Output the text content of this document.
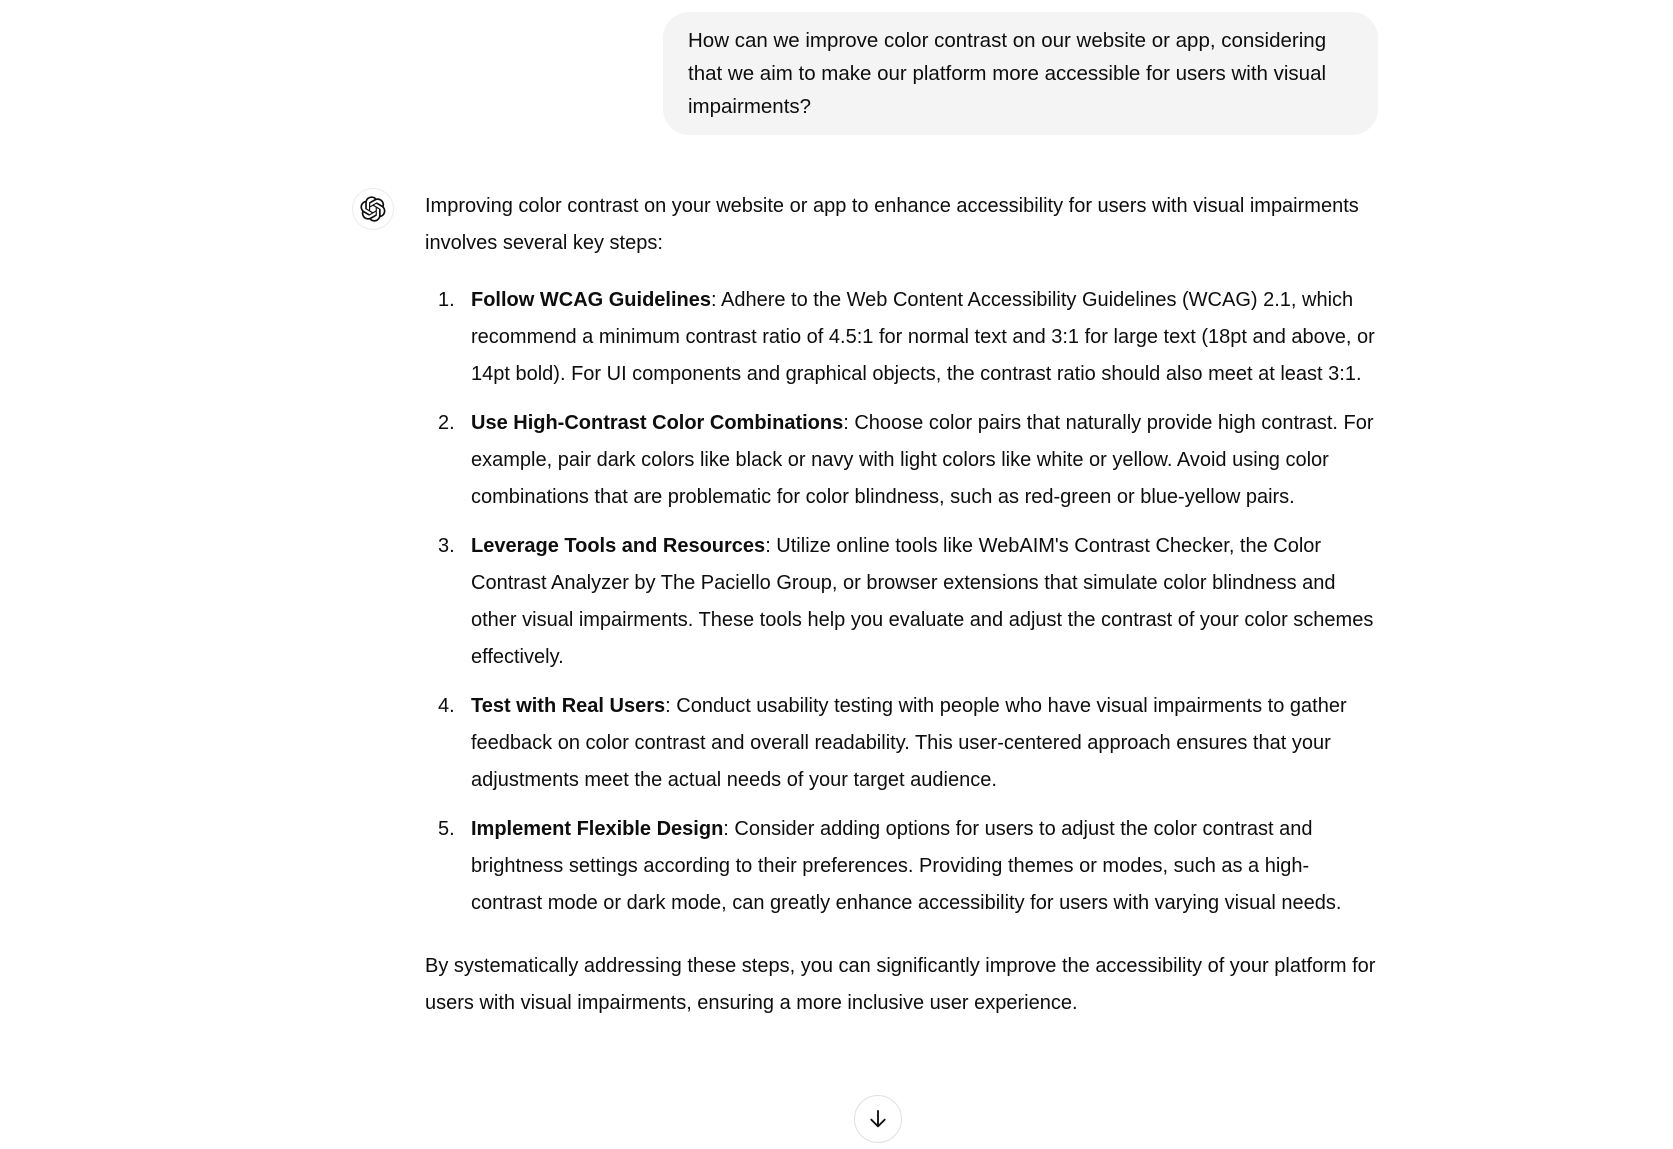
How can we improve color contrast on our website or app, considering that we aim to make our platform more accessible for users with visual impairments?

Improving color contrast on your website or app to enhance accessibility for users with visual impairments involves several key steps:

1. Follow WCAG Guidelines: Adhere to the Web Content Accessibility Guidelines (WCAG) 2.1, which recommend a minimum contrast ratio of 4.5:1 for normal text and 3:1 for large text (18pt and above, or 14pt bold). For UI components and graphical objects, the contrast ratio should also meet at least 3:1.

2. Use High-Contrast Color Combinations: Choose color pairs that naturally provide high contrast. For example, pair dark colors like black or navy with light colors like white or yellow. Avoid using color combinations that are problematic for color blindness, such as red-green or blue-yellow pairs.

3. Leverage Tools and Resources: Utilize online tools like WebAIM's Contrast Checker, the Color Contrast Analyzer by The Paciello Group, or browser extensions that simulate color blindness and other visual impairments. These tools help you evaluate and adjust the contrast of your color schemes effectively.

4. Test with Real Users: Conduct usability testing with people who have visual impairments to gather feedback on color contrast and overall readability. This user-centered approach ensures that your adjustments meet the actual needs of your target audience.

5. Implement Flexible Design: Consider adding options for users to adjust the color contrast and brightness settings according to their preferences. Providing themes or modes, such as a high-contrast mode or dark mode, can greatly enhance accessibility for users with varying visual needs.

By systematically addressing these steps, you can significantly improve the accessibility of your platform for users with visual impairments, ensuring a more inclusive user experience.
